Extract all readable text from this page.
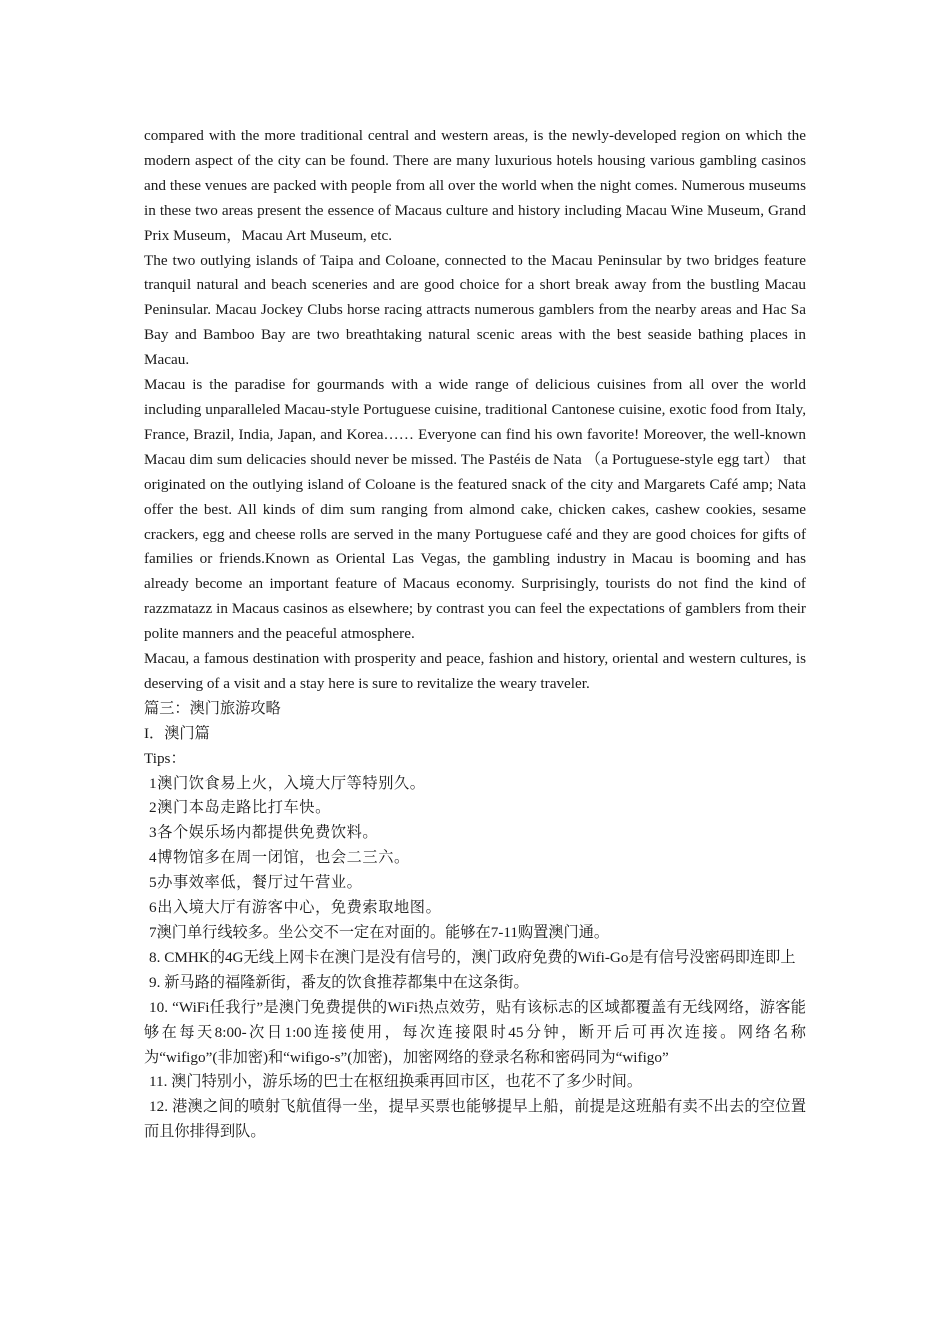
compared with the more traditional central and western areas, is the newly-developed region on which the modern aspect of the city can be found. There are many luxurious hotels housing various gambling casinos and these venues are packed with people from all over the world when the night comes. Numerous museums in these two areas present the essence of Macaus culture and history including Macau Wine Museum, Grand Prix Museum，Macau Art Museum, etc.

The two outlying islands of Taipa and Coloane, connected to the Macau Peninsular by two bridges feature tranquil natural and beach sceneries and are good choice for a short break away from the bustling Macau Peninsular. Macau Jockey Clubs horse racing attracts numerous gamblers from the nearby areas and Hac Sa Bay and Bamboo Bay are two breathtaking natural scenic areas with the best seaside bathing places in Macau.

Macau is the paradise for gourmands with a wide range of delicious cuisines from all over the world including unparalleled Macau-style Portuguese cuisine, traditional Cantonese cuisine, exotic food from Italy, France, Brazil, India, Japan, and Korea…… Everyone can find his own favorite! Moreover, the well-known Macau dim sum delicacies should never be missed. The Pastéis de Nata （a Portuguese-style egg tart） that originated on the outlying island of Coloane is the featured snack of the city and Margarets Café amp; Nata offer the best. All kinds of dim sum ranging from almond cake, chicken cakes, cashew cookies, sesame crackers, egg and cheese rolls are served in the many Portuguese café and they are good choices for gifts of families or friends.Known as Oriental Las Vegas, the gambling industry in Macau is booming and has already become an important feature of Macaus economy. Surprisingly, tourists do not find the kind of razzmatazz in Macaus casinos as elsewhere; by contrast you can feel the expectations of gamblers from their polite manners and the peaceful atmosphere.

Macau, a famous destination with prosperity and peace, fashion and history, oriental and western cultures, is deserving of a visit and a stay here is sure to revitalize the weary traveler.

篇三：澳门旅游攻略

I．澳门篇

Tips：

1澳门饮食易上火，入境大厅等特别久。

2澳门本岛走路比打车快。

3各个娱乐场内都提供免费饮料。

4博物馆多在周一闭馆，也会二三六。

5办事效率低，餐厅过午营业。

6出入境大厅有游客中心，免费索取地图。

7澳门单行线较多。坐公交不一定在对面的。能够在7-11购置澳门通。

8. CMHK的4G无线上网卡在澳门是没有信号的，澳门政府免费的Wifi-Go是有信号没密码即连即上

9. 新马路的福隆新街，番友的饮食推荐都集中在这条街。

10. “WiFi任我行”是澳门免费提供的WiFi热点效劳，贴有该标志的区域都覆盖有无线网络，游客能够在每天8:00-次日1:00连接使用，每次连接限时45分钟，断开后可再次连接。网络名称为“wifigo”(非加密)和“wifigo-s”(加密)，加密网络的登录名称和密码同为“wifigo”

11. 澳门特别小，游乐场的巴士在枢纽换乘再回市区，也花不了多少时间。

12. 港澳之间的喷射飞航值得一坐，提早买票也能够提早上船，前提是这班船有卖不出去的空位置而且你排得到队。
